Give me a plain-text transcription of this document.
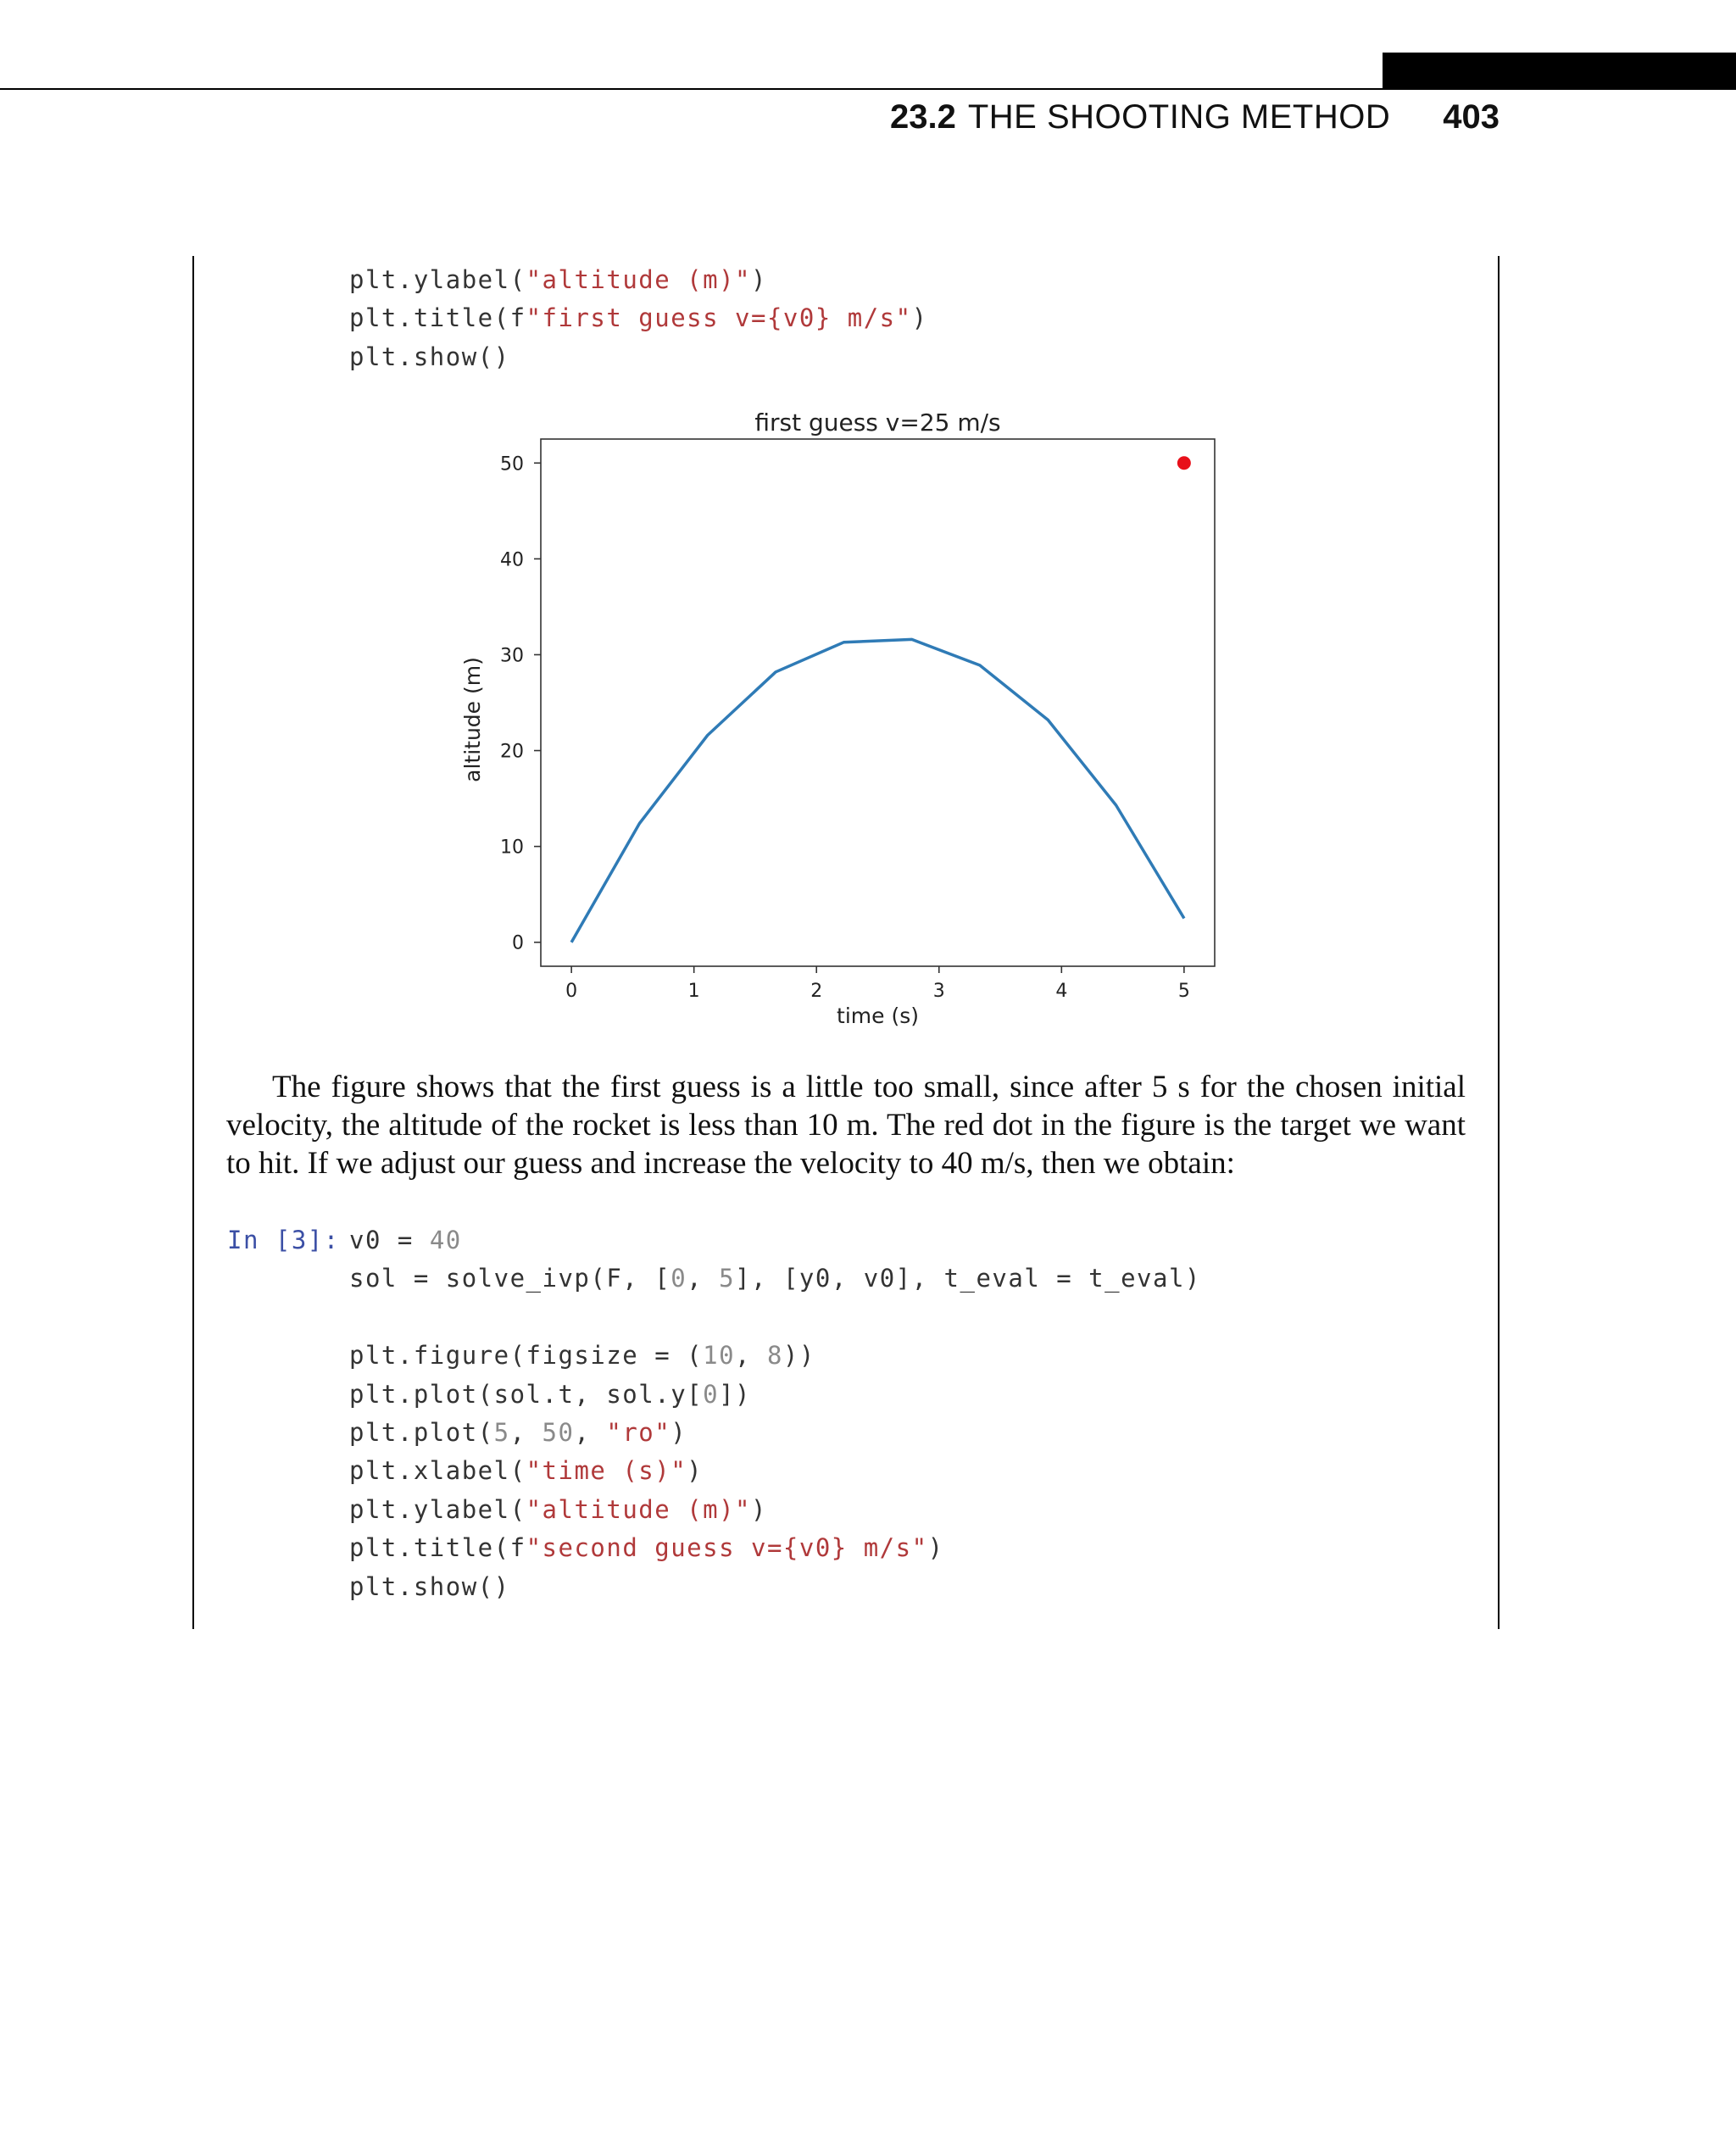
23.2 THE SHOOTING METHOD 403
plt.ylabel("altitude (m)")
plt.title(f"first guess v={v0} m/s")
plt.show()
first guess v=25 m/s
0	1	2	3	4	5
0
10
20
30
40
50
time (s)
altitude (m)
The figure shows that the first guess is a little too small, since after 5 s for the chosen initial velocity, the altitude of the rocket is less than 10 m. The red dot in the figure is the target we want to hit. If we adjust our guess and increase the velocity to 40 m/s, then we obtain:
In [3]: v0 = 40
sol = solve_ivp(F, [0, 5], [y0, v0], t_eval = t_eval)
plt.figure(figsize = (10, 8))
plt.plot(sol.t, sol.y[0])
plt.plot(5, 50, "ro")
plt.xlabel("time (s)")
plt.ylabel("altitude (m)")
plt.title(f"second guess v={v0} m/s")
plt.show()
